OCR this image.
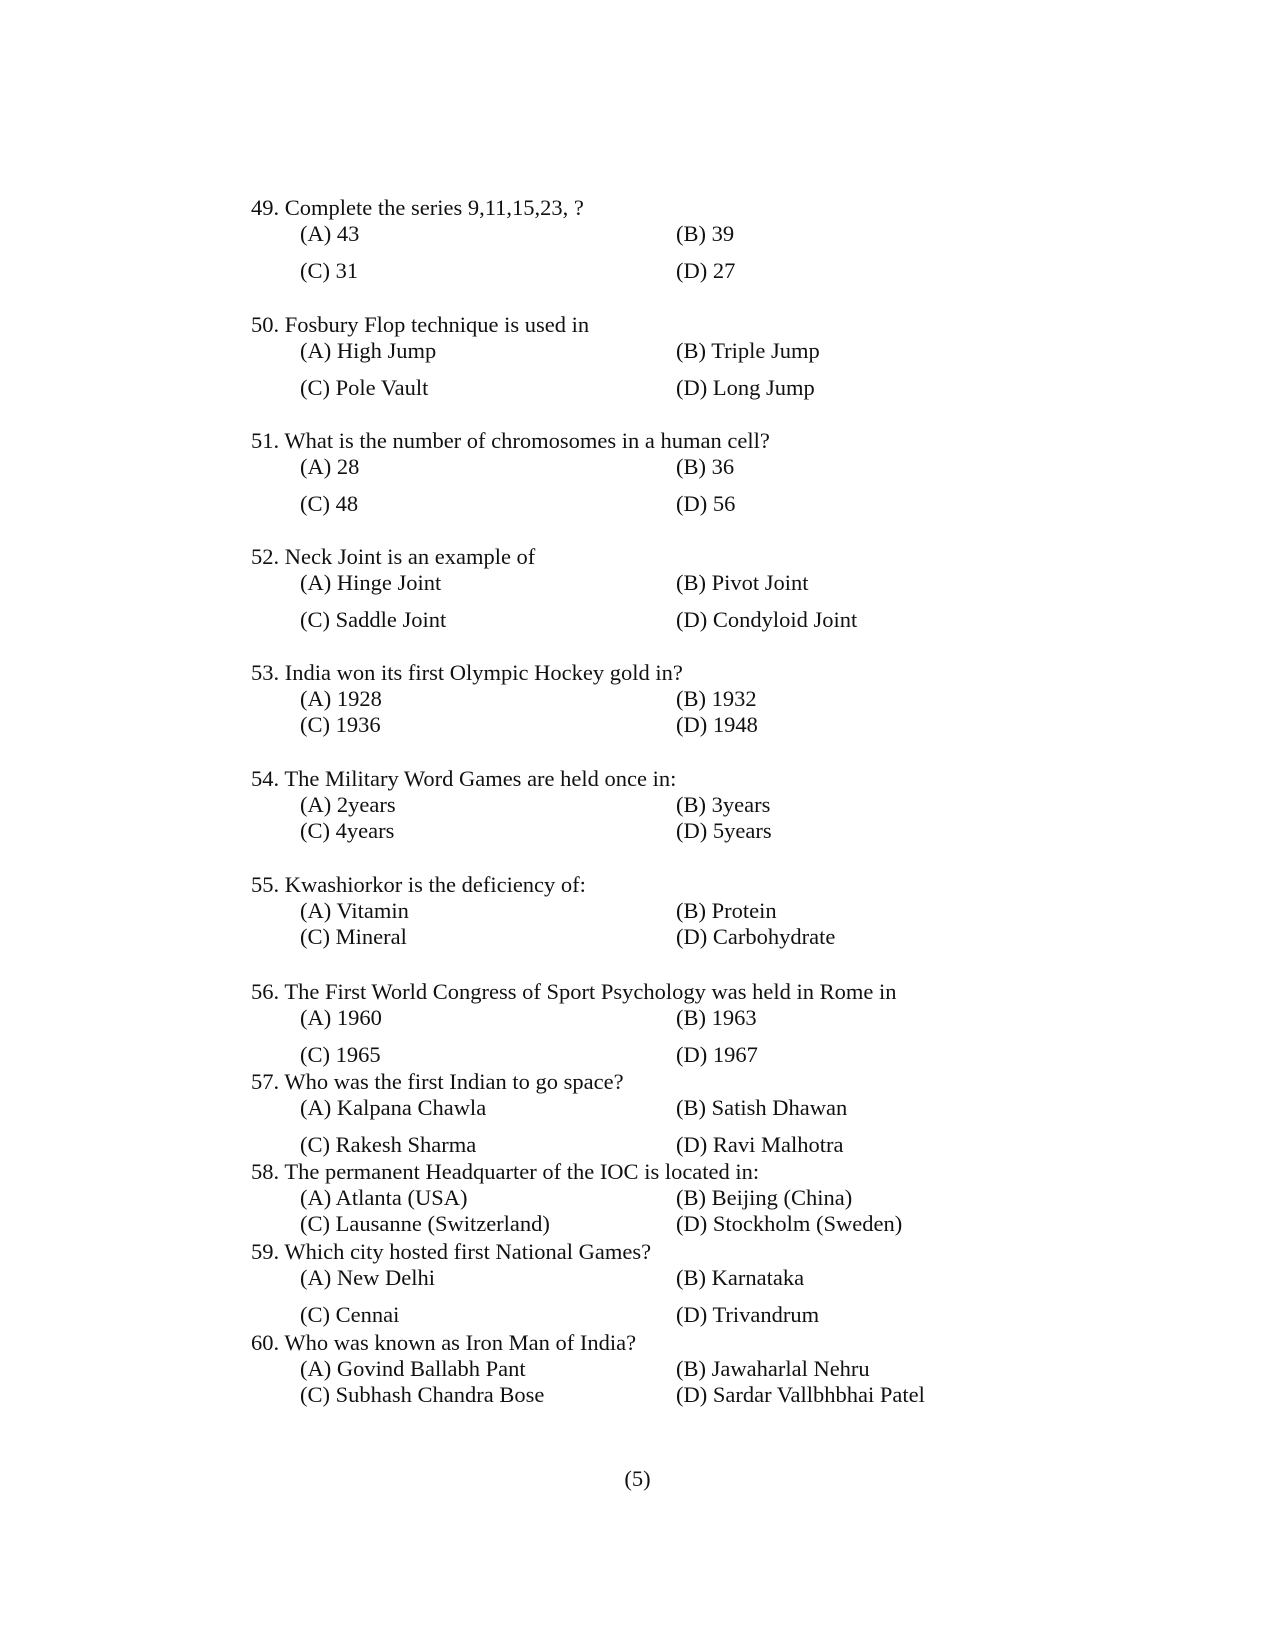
49. Complete the series 9,11,15,23, ?
(A) 43	(B) 39
(C) 31	(D) 27
50. Fosbury Flop technique is used in
(A) High Jump	(B) Triple Jump
(C) Pole Vault	(D) Long Jump
51. What is the number of chromosomes in a human cell?
(A) 28	(B) 36
(C) 48	(D) 56
52. Neck Joint is an example of
(A) Hinge Joint	(B) Pivot Joint
(C) Saddle Joint	(D) Condyloid Joint
53. India won its first Olympic Hockey gold in?
(A) 1928	(B) 1932
(C) 1936	(D) 1948
54. The Military Word Games are held once in:
(A) 2years	(B) 3years
(C) 4years	(D) 5years
55. Kwashiorkor is the deficiency of:
(A) Vitamin	(B) Protein
(C) Mineral	(D) Carbohydrate
56. The First World Congress of Sport Psychology was held in Rome in
(A) 1960	(B) 1963
(C) 1965	(D) 1967
57. Who was the first Indian to go space?
(A) Kalpana Chawla	(B) Satish Dhawan
(C) Rakesh Sharma	(D) Ravi Malhotra
58. The permanent Headquarter of the IOC is located in:
(A) Atlanta (USA)	(B) Beijing (China)
(C) Lausanne (Switzerland)	(D) Stockholm (Sweden)
59. Which city hosted first National Games?
(A) New Delhi	(B) Karnataka
(C) Cennai	(D) Trivandrum
60. Who was known as Iron Man of India?
(A) Govind Ballabh Pant	(B) Jawaharlal Nehru
(C) Subhash Chandra Bose	(D) Sardar Vallbhbhai Patel
(5)
